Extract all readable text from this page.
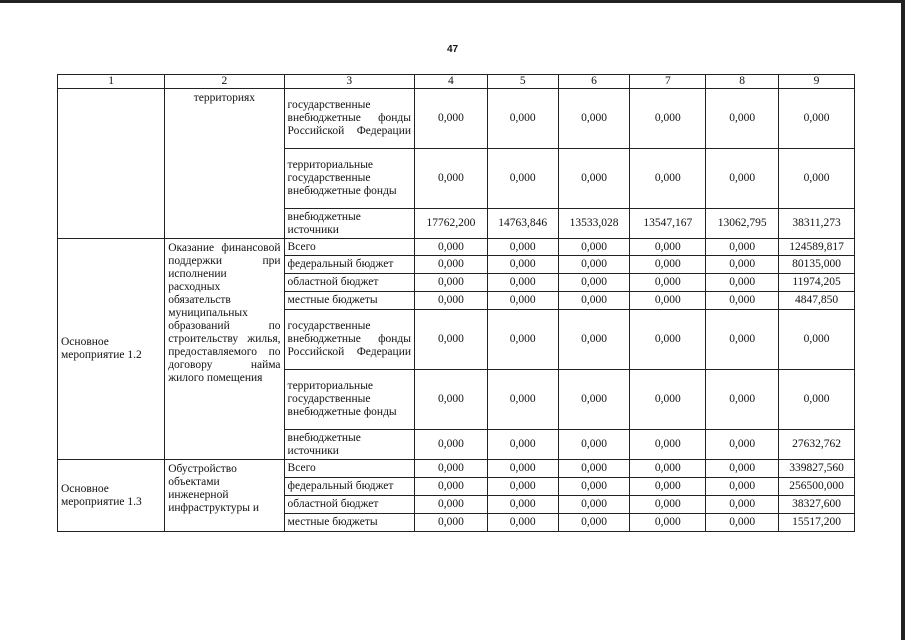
47
1	2	3	4	5	6	7	8	9
	территориях	государственные внебюджетные фонды Российской Федерации	0,000	0,000	0,000	0,000	0,000	0,000
		территориальные государственные внебюджетные фонды	0,000	0,000	0,000	0,000	0,000	0,000
		внебюджетные источники	17762,200	14763,846	13533,028	13547,167	13062,795	38311,273
Основное мероприятие 1.2	Оказание финансовой поддержки при исполнении расходных обязательств муниципальных образований по строительству жилья, предоставляемого по договору найма жилого помещения	Всего	0,000	0,000	0,000	0,000	0,000	124589,817
		федеральный бюджет	0,000	0,000	0,000	0,000	0,000	80135,000
		областной бюджет	0,000	0,000	0,000	0,000	0,000	11974,205
		местные бюджеты	0,000	0,000	0,000	0,000	0,000	4847,850

		государственные внебюджетные фонды Российской Федерации	0,000	0,000	0,000	0,000	0,000	0,000
		территориальные государственные внебюджетные фонды	0,000	0,000	0,000	0,000	0,000	0,000
		внебюджетные источники	0,000	0,000	0,000	0,000	0,000	27632,762
Основное мероприятие 1.3	Обустройство объектами инженерной инфраструктуры и	Всего	0,000	0,000	0,000	0,000	0,000	339827,560
		федеральный бюджет	0,000	0,000	0,000	0,000	0,000	256500,000
		областной бюджет	0,000	0,000	0,000	0,000	0,000	38327,600
		местные бюджеты	0,000	0,000	0,000	0,000	0,000	15517,200
